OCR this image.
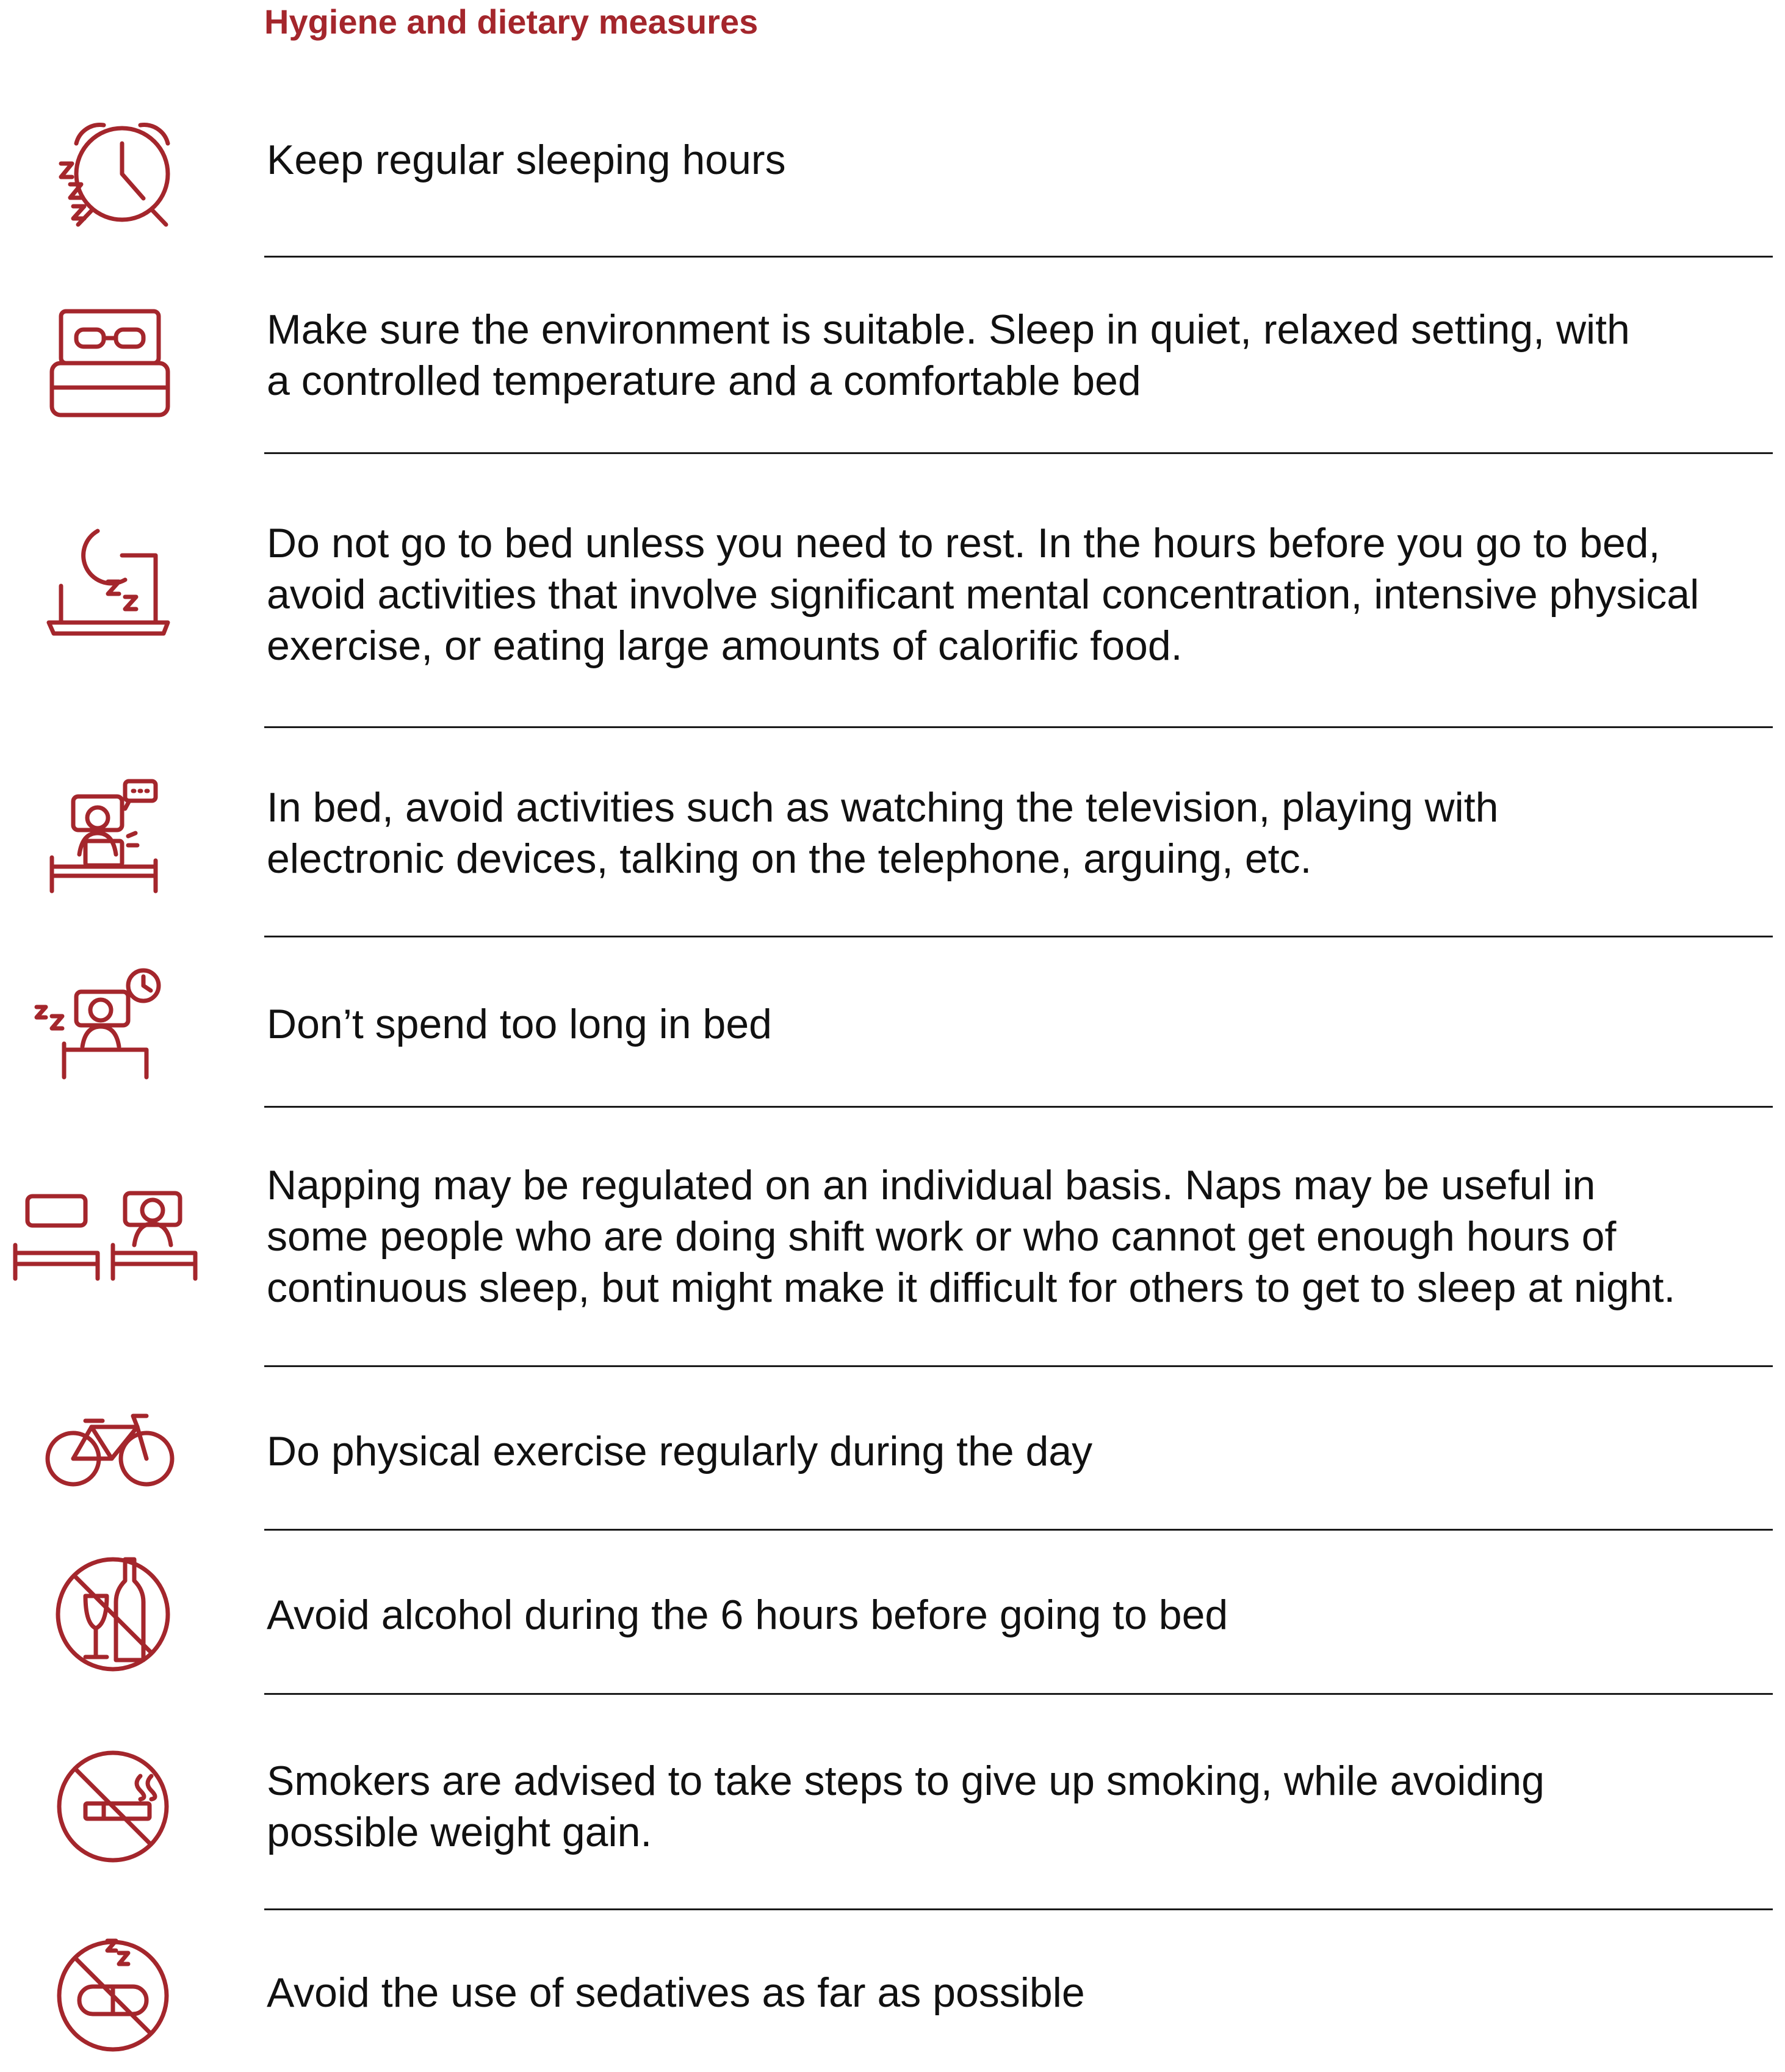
Hygiene and dietary measures

Keep regular sleeping hours

Make sure the environment is suitable. Sleep in quiet, relaxed setting, with
a controlled temperature and a comfortable bed

Do not go to bed unless you need to rest. In the hours before you go to bed,
avoid activities that involve significant mental concentration, intensive physical
exercise, or eating large amounts of calorific food.

In bed, avoid activities such as watching the television, playing with
electronic devices, talking on the telephone, arguing, etc.

Don’t spend too long in bed

Napping may be regulated on an individual basis. Naps may be useful in
some people who are doing shift work or who cannot get enough hours of
continuous sleep, but might make it difficult for others to get to sleep at night.

Do physical exercise regularly during the day

Avoid alcohol during the 6 hours before going to bed

Smokers are advised to take steps to give up smoking, while avoiding
possible weight gain.

Avoid the use of sedatives as far as possible
